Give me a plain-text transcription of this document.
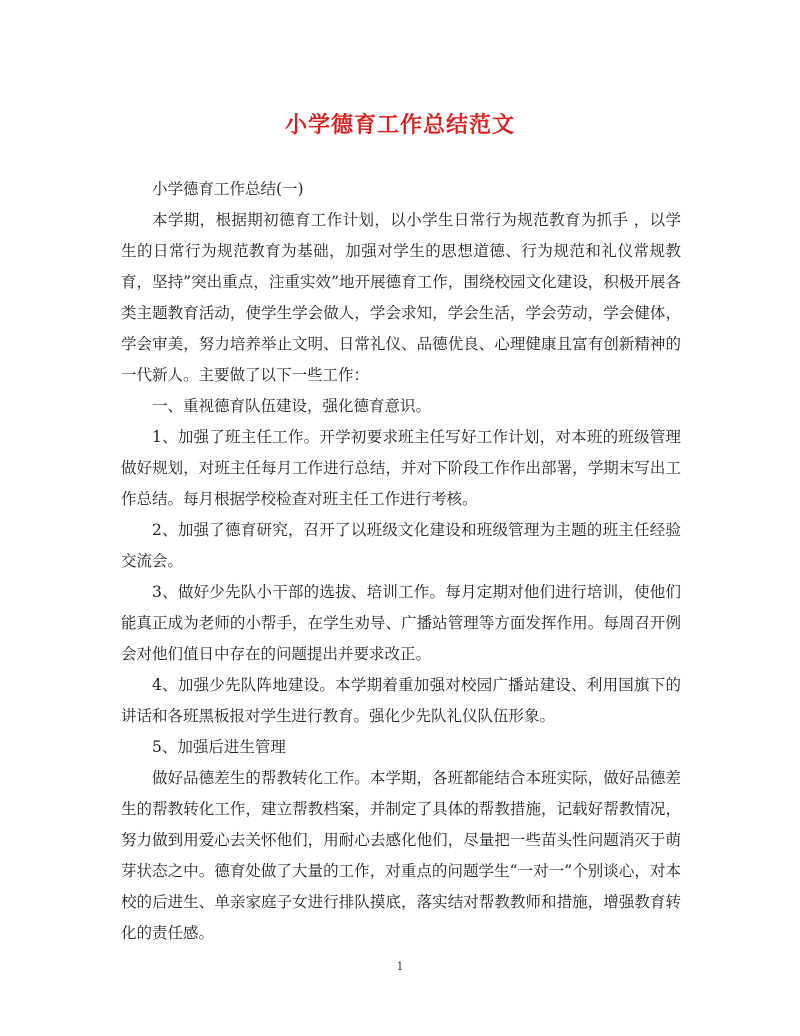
小学德育工作总结范文

小学德育工作总结(一)

本学期，根据期初德育工作计划，以小学生日常行为规范教育为抓手 ，以学生的日常行为规范教育为基础，加强对学生的思想道德、行为规范和礼仪常规教育，坚持”突出重点，注重实效”地开展德育工作，围绕校园文化建设，积极开展各类主题教育活动，使学生学会做人，学会求知，学会生活，学会劳动，学会健体，学会审美，努力培养举止文明、日常礼仪、品德优良、心理健康且富有创新精神的一代新人。主要做了以下一些工作：

一、重视德育队伍建设，强化德育意识。

1、加强了班主任工作。开学初要求班主任写好工作计划，对本班的班级管理做好规划，对班主任每月工作进行总结，并对下阶段工作作出部署，学期末写出工作总结。每月根据学校检查对班主任工作进行考核。

2、加强了德育研究，召开了以班级文化建设和班级管理为主题的班主任经验交流会。

3、做好少先队小干部的选拔、培训工作。每月定期对他们进行培训，使他们能真正成为老师的小帮手，在学生劝导、广播站管理等方面发挥作用。每周召开例会对他们值日中存在的问题提出并要求改正。

4、加强少先队阵地建设。本学期着重加强对校园广播站建设、利用国旗下的讲话和各班黑板报对学生进行教育。强化少先队礼仪队伍形象。

5、加强后进生管理

做好品德差生的帮教转化工作。本学期，各班都能结合本班实际，做好品德差生的帮教转化工作，建立帮教档案，并制定了具体的帮教措施，记载好帮教情况，努力做到用爱心去关怀他们，用耐心去感化他们，尽量把一些苗头性问题消灭于萌芽状态之中。德育处做了大量的工作，对重点的问题学生“一对一”个别谈心，对本校的后进生、单亲家庭子女进行排队摸底，落实结对帮教教师和措施，增强教育转化的责任感。

1
